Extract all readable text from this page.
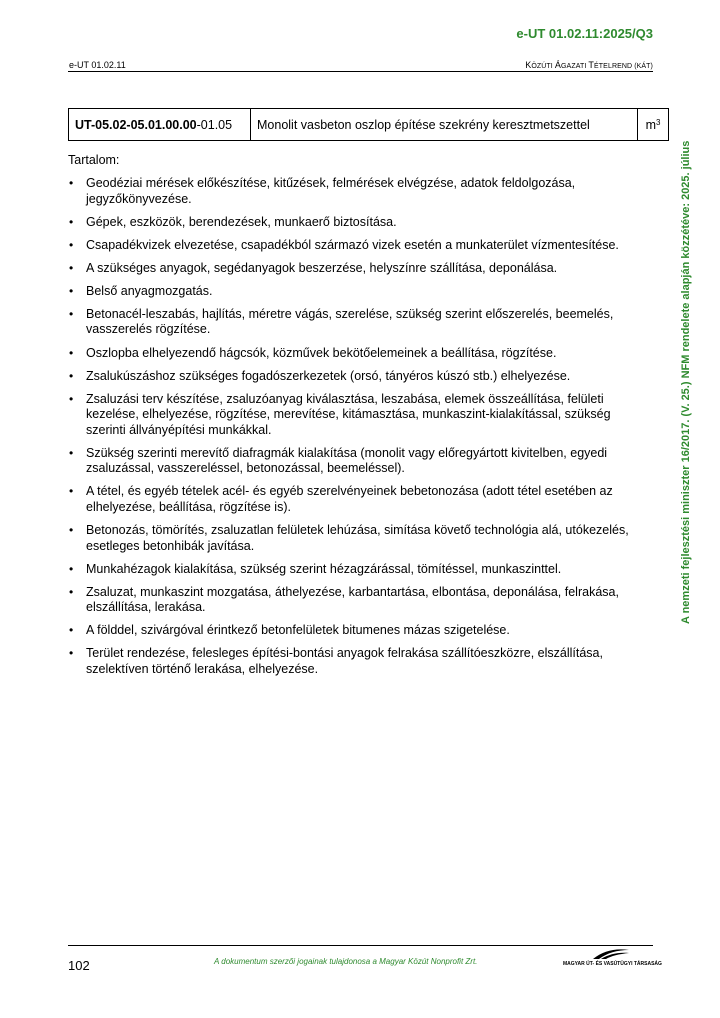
e-UT 01.02.11:2025/Q3
e-UT 01.02.11	KÖZÚTI ÁGAZATI TÉTELREND (KÁT)
UT-05.02-05.01.00.00 -01.05	Monolit vasbeton oszlop építése szekrény keresztmetszettel	$m^3$
Tartalom:
• Geodéziai mérések előkészítése, kitűzések, felmérések elvégzése, adatok feldolgozása, jegyzőkönyvezése.
• Gépek, eszközök, berendezések, munkaerő biztosítása.
• Csapadékvizek elvezetése, csapadékból származó vizek esetén a munkaterület vízmentesítése.
• A szükséges anyagok, segédanyagok beszerzése, helyszínre szállítása, deponálása.
• Belső anyagmozgatás.
• Betonacél-leszabás, hajlítás, méretre vágás, szerelése, szükség szerint előszerelés, beemelés, vasszerelés rögzítése.
• Oszlopba elhelyezendő hágcsók, közművek bekötőelemeinek a beállítása, rögzítése.
• Zsalukúszáshoz szükséges fogadószerkezetek (orsó, tányéros kúszó stb.) elhelyezése.
• Zsaluzási terv készítése, zsaluzóanyag kiválasztása, leszabása, elemek összeállítása, felületi kezelése, elhelyezése, rögzítése, merevítése, kitámasztása, munkaszint-kialakítással, szükség szerinti állványépítési munkákkal.
• Szükség szerinti merevítő diafragmák kialakítása (monolit vagy előregyártott kivitelben, egyedi zsaluzással, vasszereléssel, betonozással, beemeléssel).
• A tétel, és egyéb tételek acél- és egyéb szerelvényeinek bebetonozása (adott tétel esetében az elhelyezése, beállítása, rögzítése is).
• Betonozás, tömörítés, zsaluzatlan felületek lehúzása, simítása követő technológia alá, utókezelés, esetleges betonhibák javítása.
• Munkahézagok kialakítása, szükség szerint hézagzárással, tömítéssel, munkaszinttel.
• Zsaluzat, munkaszint mozgatása, áthelyezése, karbantartása, elbontása, deponálása, felrakása, elszállítása, lerakása.
• A földdel, szivárgóval érintkező betonfelületek bitumenes mázas szigetelése.
• Terület rendezése, felesleges építési-bontási anyagok felrakása szállítóeszközre, elszállítása, szelektíven történő lerakása, elhelyezése.
A nemzeti fejlesztési miniszter 16/2017. (V. 25.) NFM rendelete alapján közzétéve: 2025. július
102	A dokumentum szerzői jogainak tulajdonosa a Magyar Közút Nonprofit Zrt.	MAGYAR ÚT- ÉS VASÚTÜGYI TÁRSASÁG
